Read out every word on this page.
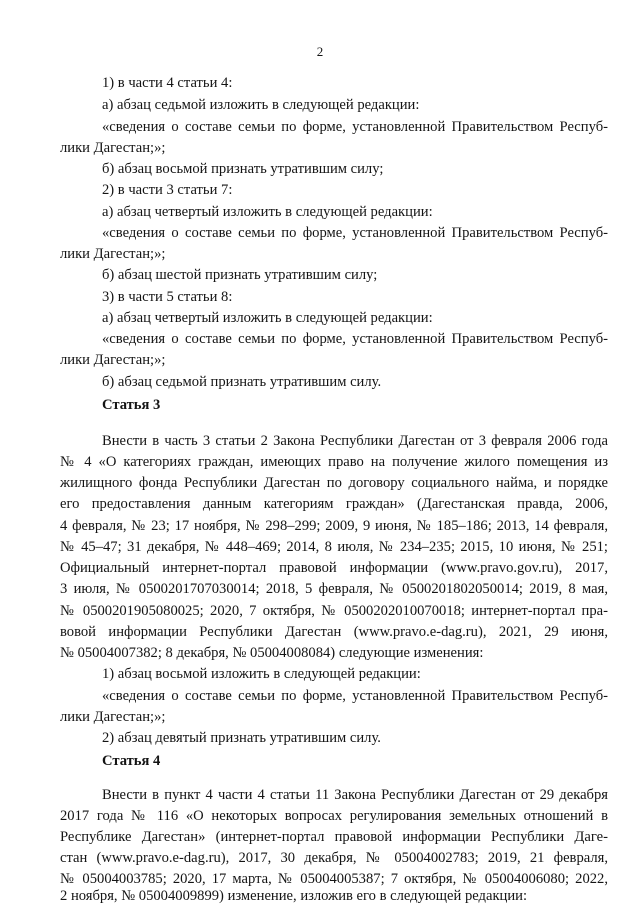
2
1) в части 4 статьи 4:
а) абзац седьмой изложить в следующей редакции:
«сведения о составе семьи по форме, установленной Правительством Респуб-
лики Дагестан;»;
б) абзац восьмой признать утратившим силу;
2) в части 3 статьи 7:
а) абзац четвертый изложить в следующей редакции:
«сведения о составе семьи по форме, установленной Правительством Респуб-
лики Дагестан;»;
б) абзац шестой признать утратившим силу;
3) в части 5 статьи 8:
а) абзац четвертый изложить в следующей редакции:
«сведения о составе семьи по форме, установленной Правительством Респуб-
лики Дагестан;»;
б) абзац седьмой признать утратившим силу.
Статья 3
Внести в часть 3 статьи 2 Закона Республики Дагестан от 3 февраля 2006 года
№ 4 «О категориях граждан, имеющих право на получение жилого помещения из
жилищного фонда Республики Дагестан по договору социального найма, и порядке
его предоставления данным категориям граждан» (Дагестанская правда, 2006,
4 февраля, № 23; 17 ноября, № 298–299; 2009, 9 июня, № 185–186; 2013, 14 февраля,
№ 45–47; 31 декабря, № 448–469; 2014, 8 июля, № 234–235; 2015, 10 июня, № 251;
Официальный интернет-портал правовой информации (www.pravo.gov.ru), 2017,
3 июля, № 0500201707030014; 2018, 5 февраля, № 0500201802050014; 2019, 8 мая,
№ 0500201905080025; 2020, 7 октября, № 0500202010070018; интернет-портал пра-
вовой информации Республики Дагестан (www.pravo.e-dag.ru), 2021, 29 июня,
№ 05004007382; 8 декабря, № 05004008084) следующие изменения:
1) абзац восьмой изложить в следующей редакции:
«сведения о составе семьи по форме, установленной Правительством Респуб-
лики Дагестан;»;
2) абзац девятый признать утратившим силу.
Статья 4
Внести в пункт 4 части 4 статьи 11 Закона Республики Дагестан от 29 декабря
2017 года № 116 «О некоторых вопросах регулирования земельных отношений в
Республике Дагестан» (интернет-портал правовой информации Республики Даге-
стан (www.pravo.e-dag.ru), 2017, 30 декабря, № 05004002783; 2019, 21 февраля,
№ 05004003785; 2020, 17 марта, № 05004005387; 7 октября, № 05004006080; 2022,
2 ноября, № 05004009899) изменение, изложив его в следующей редакции:
